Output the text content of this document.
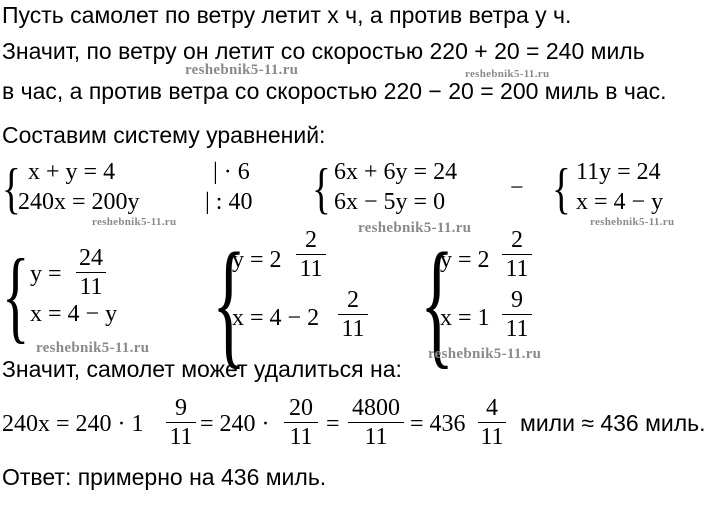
Пусть самолет по ветру летит x ч, а против ветра y ч.
Значит, по ветру он летит со скоростью 220 + 20 = 240 миль
в час, а против ветра со скоростью 220 − 20 = 200 миль в час.
Составим систему уравнений:
reshebnik5-11.ru	reshebnik5-11.ru
{ x + y = 4	| · 6
240x = 200y	| : 40
reshebnik5-11.ru
{ 6x + 6y = 24
6x − 5y = 0
−
reshebnik5-11.ru
{ 11y = 24
x = 4 − y
reshebnik5-11.ru
{ y =
24
11
x = 4 − y {
y = 2
2
11
x = 4 − 2
2
11 {
y = 2
2
11
x = 1
9
11
reshebnik5-11.ru	reshebnik5-11.ru
Значит, самолет может удалиться на:
240x = 240 · 1
9
11 = 240 ·
20
11 =
4800
11 = 436
4
11
мили ≈ 436 миль.
Ответ: примерно на 436 миль.
